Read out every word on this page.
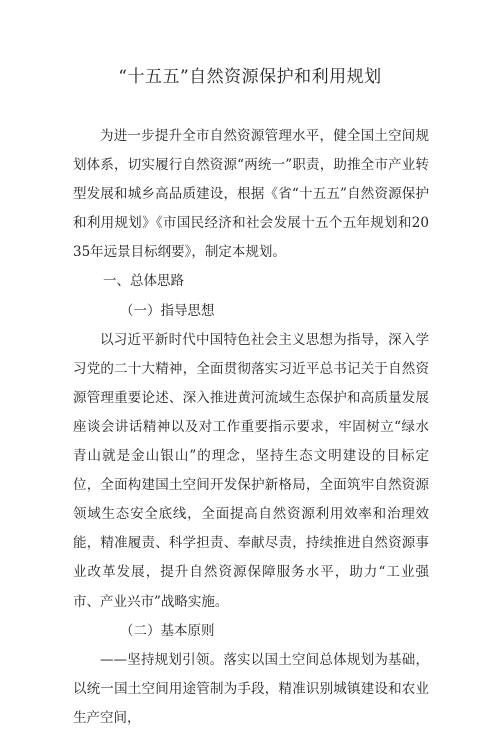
“十五五”自然资源保护和利用规划

为进一步提升全市自然资源管理水平，健全国土空间规划体系，切实履行自然资源“两统一”职责，助推全市产业转型发展和城乡高品质建设，根据《省“十五五”自然资源保护和利用规划》《市国民经济和社会发展十五个五年规划和2035年远景目标纲要》，制定本规划。

一、总体思路

（一）指导思想

以习近平新时代中国特色社会主义思想为指导，深入学习党的二十大精神，全面贯彻落实习近平总书记关于自然资源管理重要论述、深入推进黄河流域生态保护和高质量发展座谈会讲话精神以及对工作重要指示要求，牢固树立“绿水青山就是金山银山”的理念，坚持生态文明建设的目标定位，全面构建国土空间开发保护新格局，全面筑牢自然资源领域生态安全底线，全面提高自然资源利用效率和治理效能，精准履责、科学担责、奉献尽责，持续推进自然资源事业改革发展，提升自然资源保障服务水平，助力“工业强市、产业兴市”战略实施。

（二）基本原则

——坚持规划引领。落实以国土空间总体规划为基础，以统一国土空间用途管制为手段，精准识别城镇建设和农业生产空间，
